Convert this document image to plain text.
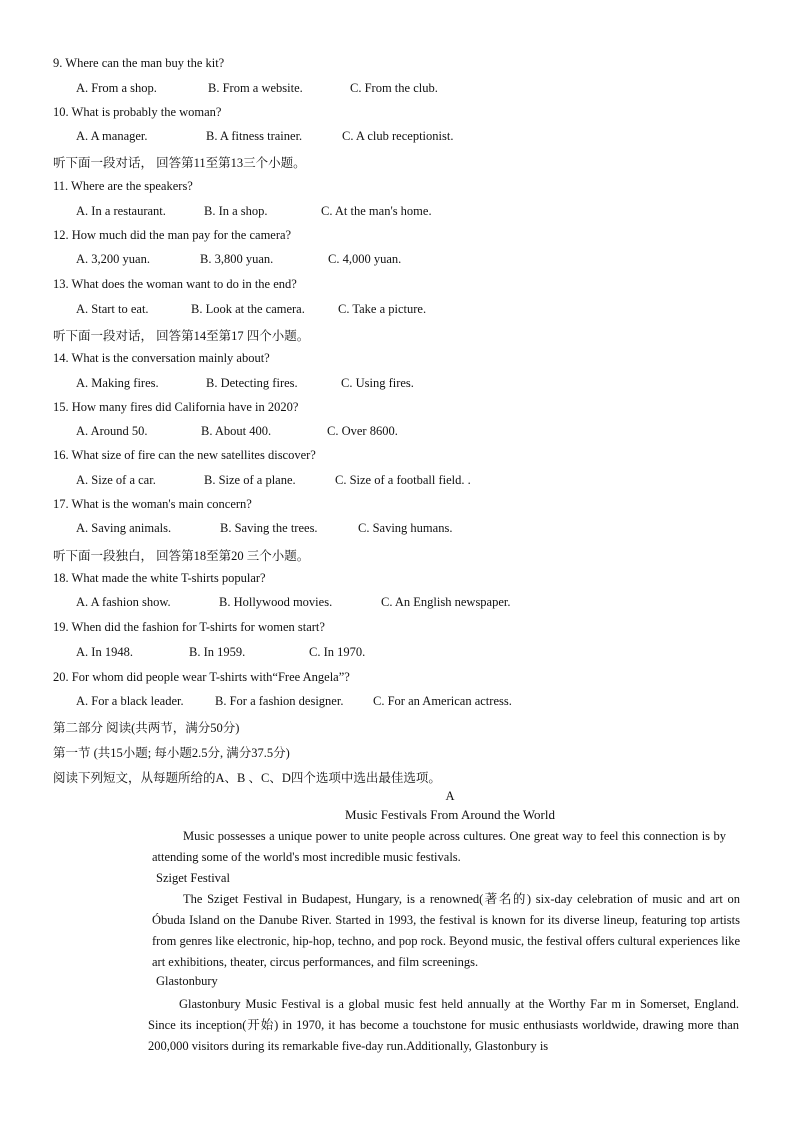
9. Where can the man buy the kit?
A. From a shop.	B. From a website.	C. From the club.
10. What is probably the woman?
A. A manager.	B. A fitness trainer.	C. A club receptionist.
听下面一段对话， 回答第11至第13三个小题。
11. Where are the speakers?
A. In a restaurant.	B. In a shop.	C. At the man's home.
12. How much did the man pay for the camera?
A. 3,200 yuan.	B. 3,800 yuan.	C. 4,000 yuan.
13. What does the woman want to do in the end?
A. Start to eat.	B. Look at the camera.	C. Take a picture.
听下面一段对话， 回答第14至第17 四个小题。
14. What is the conversation mainly about?
A. Making fires.	B. Detecting fires.	C. Using fires.
15. How many fires did California have in 2020?
A. Around 50.	B. About 400.	C. Over 8600.
16. What size of fire can the new satellites discover?
A. Size of a car.	B. Size of a plane.	C. Size of a football field. .
17. What is the woman's main concern?
A. Saving animals.	B. Saving the trees.	C. Saving humans.
听下面一段独白， 回答第18至第20 三个小题。
18. What made the white T-shirts popular?
A. A fashion show.	B. Hollywood movies.	C. An English newspaper.
19. When did the fashion for T-shirts for women start?
A. In 1948.	B. In 1959.	C. In 1970.
20. For whom did people wear T-shirts with“Free Angela”?
A. For a black leader.	B. For a fashion designer. C. For an American actress.
第二部分 阅读(共两节，满分50分)
第一节 (共15小题; 每小题2.5分, 满分37.5分)
阅读下列短文，从每题所给的A、B 、C、D四个选项中选出最佳选项。
A
Music Festivals From Around the World
Music possesses a unique power to unite people across cultures. One great way to feel this connection is by attending some of the world's most incredible music festivals.
Sziget Festival
The Sziget Festival in Budapest, Hungary, is a renowned(著名的) six-day celebration of music and art on Óbuda Island on the Danube River. Started in 1993, the festival is known for its diverse lineup, featuring top artists from genres like electronic, hip-hop, techno, and pop rock. Beyond music, the festival offers cultural experiences like art exhibitions, theater, circus performances, and film screenings.
Glastonbury
Glastonbury Music Festival is a global music fest held annually at the Worthy Far m in Somerset, England. Since its inception(开始) in 1970, it has become a touchstone for music enthusiasts worldwide, drawing more than 200,000 visitors during its remarkable five-day run.Additionally, Glastonbury is
